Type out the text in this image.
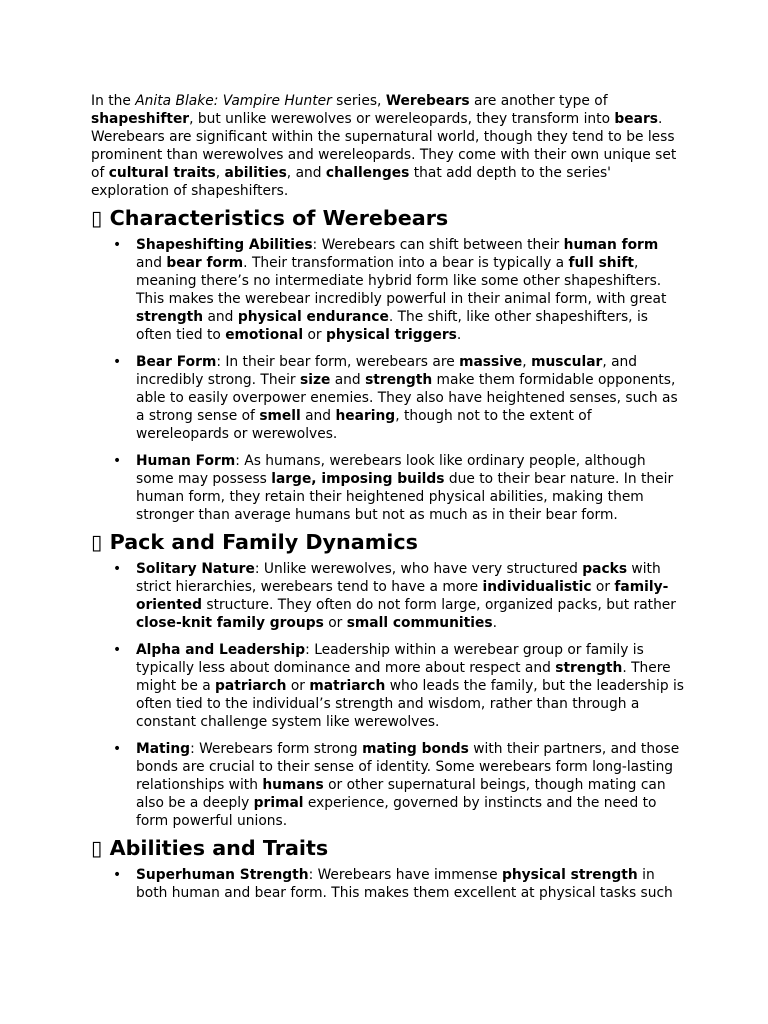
In the Anita Blake: Vampire Hunter series, Werebears are another type of shapeshifter, but unlike werewolves or wereleopards, they transform into bears. Werebears are significant within the supernatural world, though they tend to be less prominent than werewolves and wereleopards. They come with their own unique set of cultural traits, abilities, and challenges that add depth to the series' exploration of shapeshifters.

▯ Characteristics of Werebears
• Shapeshifting Abilities: Werebears can shift between their human form and bear form. Their transformation into a bear is typically a full shift, meaning there’s no intermediate hybrid form like some other shapeshifters. This makes the werebear incredibly powerful in their animal form, with great strength and physical endurance. The shift, like other shapeshifters, is often tied to emotional or physical triggers.
• Bear Form: In their bear form, werebears are massive, muscular, and incredibly strong. Their size and strength make them formidable opponents, able to easily overpower enemies. They also have heightened senses, such as a strong sense of smell and hearing, though not to the extent of wereleopards or werewolves.
• Human Form: As humans, werebears look like ordinary people, although some may possess large, imposing builds due to their bear nature. In their human form, they retain their heightened physical abilities, making them stronger than average humans but not as much as in their bear form.
▯ Pack and Family Dynamics
• Solitary Nature: Unlike werewolves, who have very structured packs with strict hierarchies, werebears tend to have a more individualistic or family-oriented structure. They often do not form large, organized packs, but rather close-knit family groups or small communities.
• Alpha and Leadership: Leadership within a werebear group or family is typically less about dominance and more about respect and strength. There might be a patriarch or matriarch who leads the family, but the leadership is often tied to the individual’s strength and wisdom, rather than through a constant challenge system like werewolves.
• Mating: Werebears form strong mating bonds with their partners, and those bonds are crucial to their sense of identity. Some werebears form long-lasting relationships with humans or other supernatural beings, though mating can also be a deeply primal experience, governed by instincts and the need to form powerful unions.
▯ Abilities and Traits
• Superhuman Strength: Werebears have immense physical strength in both human and bear form. This makes them excellent at physical tasks such
